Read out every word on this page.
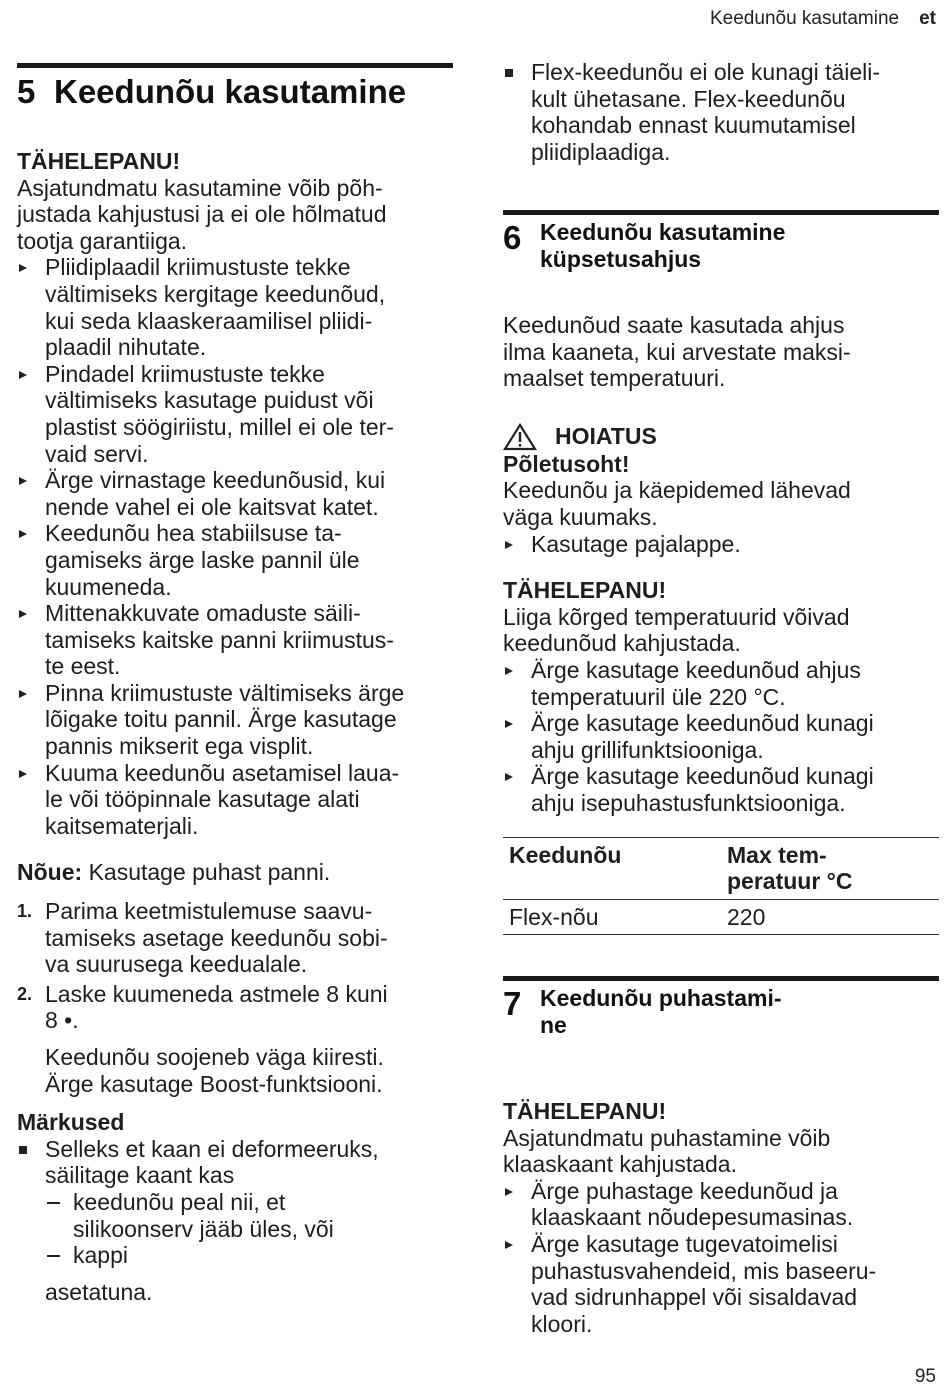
Keedunõu kasutamine et
5 Keedunõu kasutamine
TÄHELEPANU!
Asjatundmatu kasutamine võib põh-
justada kahjustusi ja ei ole hõlmatud
tootja garantiiga.
Pliidiplaadil kriimustuste tekke
vältimiseks kergitage keedunõud,
kui seda klaaskeraamilisel pliidi-
plaadil nihutate.
Pindadel kriimustuste tekke
vältimiseks kasutage puidust või
plastist söögiriistu, millel ei ole ter-
vaid servi.
Ärge virnastage keedunõusid, kui
nende vahel ei ole kaitsvat katet.
Keedunõu hea stabiilsuse ta-
gamiseks ärge laske pannil üle
kuumeneda.
Mittenakkuvate omaduste säili-
tamiseks kaitske panni kriimustus-
te eest.
Pinna kriimustuste vältimiseks ärge
lõigake toitu pannil. Ärge kasutage
pannis mikserit ega visplit.
Kuuma keedunõu asetamisel laua-
le või tööpinnale kasutage alati
kaitsematerjali.

Nõue: Kasutage puhast panni.

1. Parima keetmistulemuse saavu-
tamiseks asetage keedunõu sobi-
va suurusega keedualale.
2. Laske kuumeneda astmele 8 kuni
8 •.
Keedunõu soojeneb väga kiiresti.
Ärge kasutage Boost-funktsiooni.
Märkused
Selleks et kaan ei deformeeruks,
säilitage kaant kas
keedunõu peal nii, et
silikoonserv jääb üles, või
kappi

asetatuna.

Flex-keedunõu ei ole kunagi täieli-
kult ühetasane. Flex-keedunõu
kohandab ennast kuumutamisel
pliidiplaadiga.
6 Keedunõu kasutamine
küpsetusahjus
Keedunõud saate kasutada ahjus
ilma kaaneta, kui arvestate maksi-
maalset temperatuuri.
HOIATUS
Põletusoht!
Keedunõu ja käepidemed lähevad
väga kuumaks.
Kasutage pajalappe.
TÄHELEPANU!
Liiga kõrged temperatuurid võivad
keedunõud kahjustada.
Ärge kasutage keedunõud ahjus
temperatuuril üle 220 °C.
Ärge kasutage keedunõud kunagi
ahju grillifunktsiooniga.
Ärge kasutage keedunõud kunagi
ahju isepuhastusfunktsiooniga.
Keedunõu	Max tem-
peratuur °C

Flex-nõu	220
7 Keedunõu puhastami-
ne
TÄHELEPANU!
Asjatundmatu puhastamine võib
klaaskaant kahjustada.
Ärge puhastage keedunõud ja
klaaskaant nõudepesumasinas.
Ärge kasutage tugevatoimelisi
puhastusvahendeid, mis baseeru-
vad sidrunhappel või sisaldavad
kloori.
95
